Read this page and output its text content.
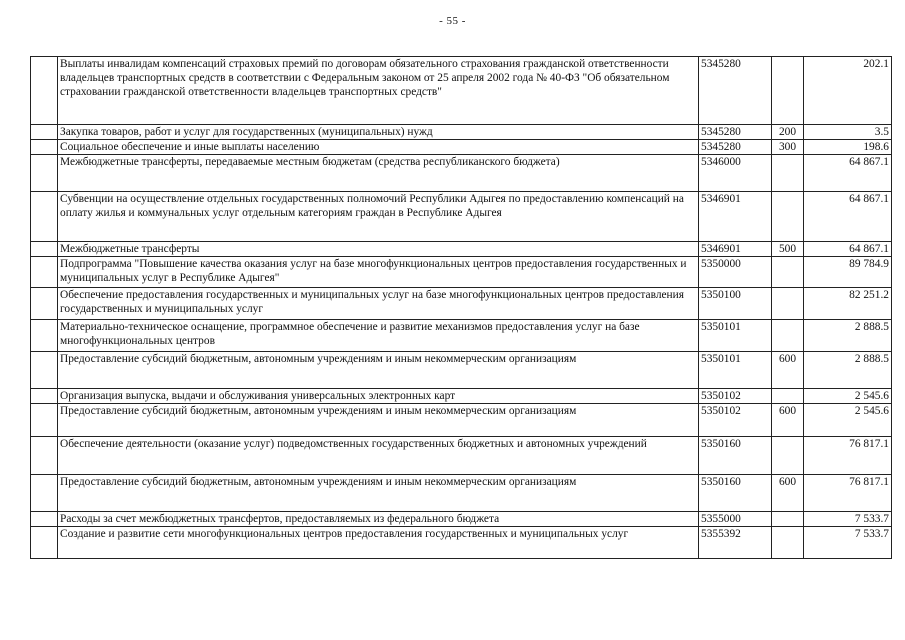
- 55 -
	Выплаты инвалидам компенсаций страховых премий по договорам обязательного страхования гражданской ответственности владельцев транспортных средств в соответствии с Федеральным законом от 25 апреля 2002 года № 40-ФЗ "Об обязательном страховании гражданской ответственности владельцев транспортных средств"	5345280		202.1
	Закупка товаров, работ и услуг для государственных (муниципальных) нужд	5345280	200	3.5
	Социальное обеспечение и иные выплаты населению	5345280	300	198.6
	Межбюджетные трансферты, передаваемые местным бюджетам (средства республиканского бюджета)	5346000		64 867.1
	Субвенции на осуществление отдельных государственных полномочий Республики Адыгея по предоставлению компенсаций на оплату жилья и коммунальных услуг отдельным категориям граждан в Республике Адыгея	5346901		64 867.1
	Межбюджетные трансферты	5346901	500	64 867.1
	Подпрограмма "Повышение качества оказания услуг на базе многофункциональных центров предоставления государственных и муниципальных услуг в Республике Адыгея"	5350000		89 784.9
	Обеспечение предоставления государственных и муниципальных услуг на базе многофункциональных центров предоставления государственных и муниципальных услуг	5350100		82 251.2
	Материально-техническое оснащение, программное обеспечение и развитие механизмов предоставления услуг на базе многофункциональных центров	5350101		2 888.5
	Предоставление субсидий бюджетным, автономным учреждениям и иным некоммерческим организациям	5350101	600	2 888.5
	Организация выпуска, выдачи и обслуживания универсальных электронных карт	5350102		2 545.6
	Предоставление субсидий бюджетным, автономным учреждениям и иным некоммерческим организациям	5350102	600	2 545.6
	Обеспечение деятельности (оказание услуг) подведомственных государственных бюджетных и автономных учреждений	5350160		76 817.1
	Предоставление субсидий бюджетным, автономным учреждениям и иным некоммерческим организациям	5350160	600	76 817.1
	Расходы за счет межбюджетных трансфертов, предоставляемых из федерального бюджета	5355000		7 533.7
	Создание и развитие сети многофункциональных центров предоставления государственных и муниципальных услуг	5355392		7 533.7
